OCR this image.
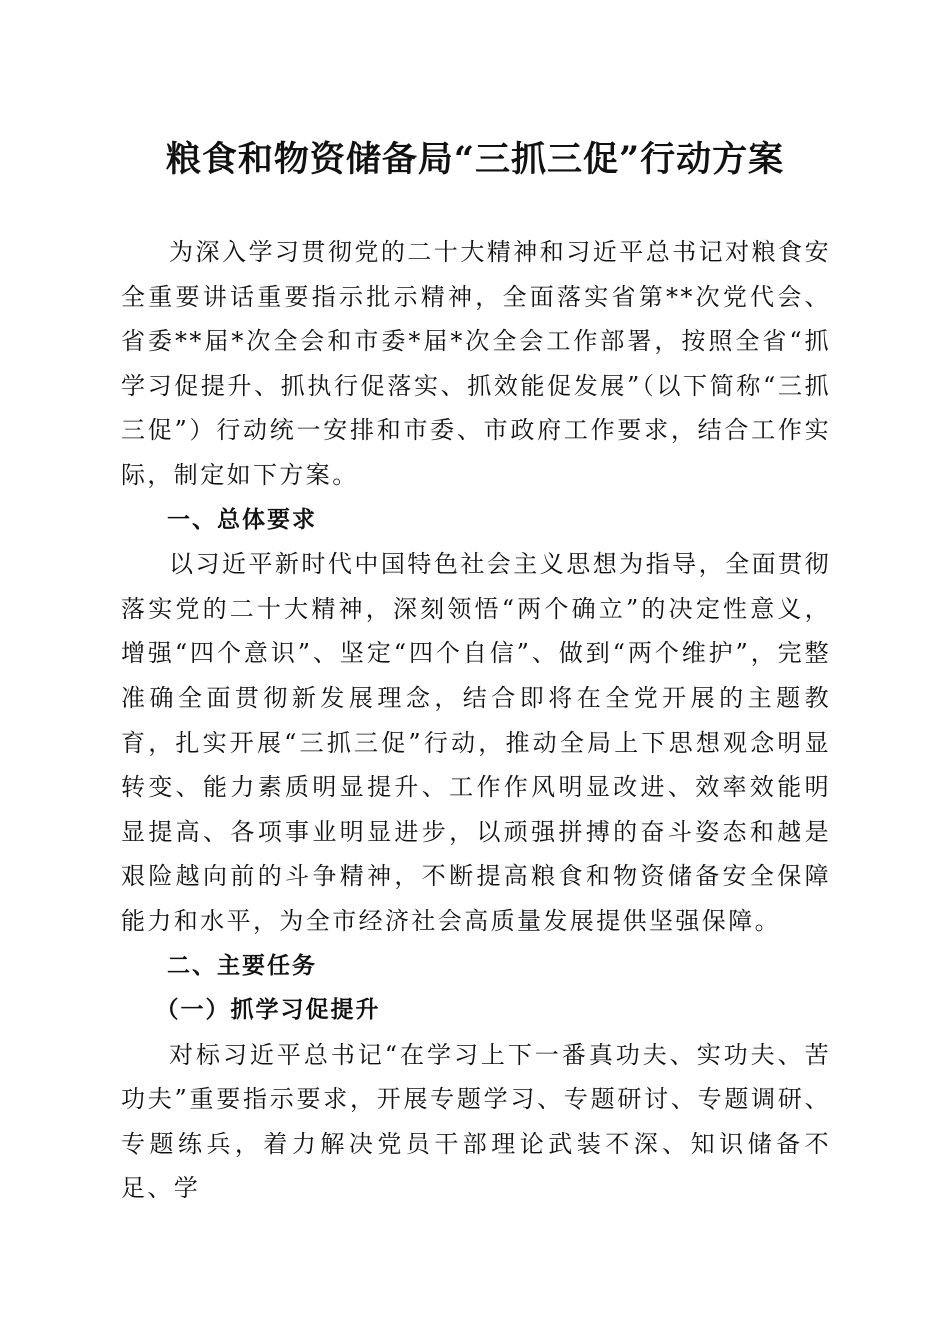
粮食和物资储备局“三抓三促”行动方案

为深入学习贯彻党的二十大精神和习近平总书记对粮食安全重要讲话重要指示批示精神，全面落实省第**次党代会、省委**届*次全会和市委*届*次全会工作部署，按照全省“抓学习促提升、抓执行促落实、抓效能促发展”（以下简称“三抓三促”）行动统一安排和市委、市政府工作要求，结合工作实际，制定如下方案。

一、总体要求

以习近平新时代中国特色社会主义思想为指导，全面贯彻落实党的二十大精神，深刻领悟“两个确立”的决定性意义，增强“四个意识”、坚定“四个自信”、做到“两个维护”，完整准确全面贯彻新发展理念，结合即将在全党开展的主题教育，扎实开展“三抓三促”行动，推动全局上下思想观念明显转变、能力素质明显提升、工作作风明显改进、效率效能明显提高、各项事业明显进步，以顽强拼搏的奋斗姿态和越是艰险越向前的斗争精神，不断提高粮食和物资储备安全保障能力和水平，为全市经济社会高质量发展提供坚强保障。

二、主要任务

（一）抓学习促提升

对标习近平总书记“在学习上下一番真功夫、实功夫、苦功夫”重要指示要求，开展专题学习、专题研讨、专题调研、专题练兵，着力解决党员干部理论武装不深、知识储备不足、学
